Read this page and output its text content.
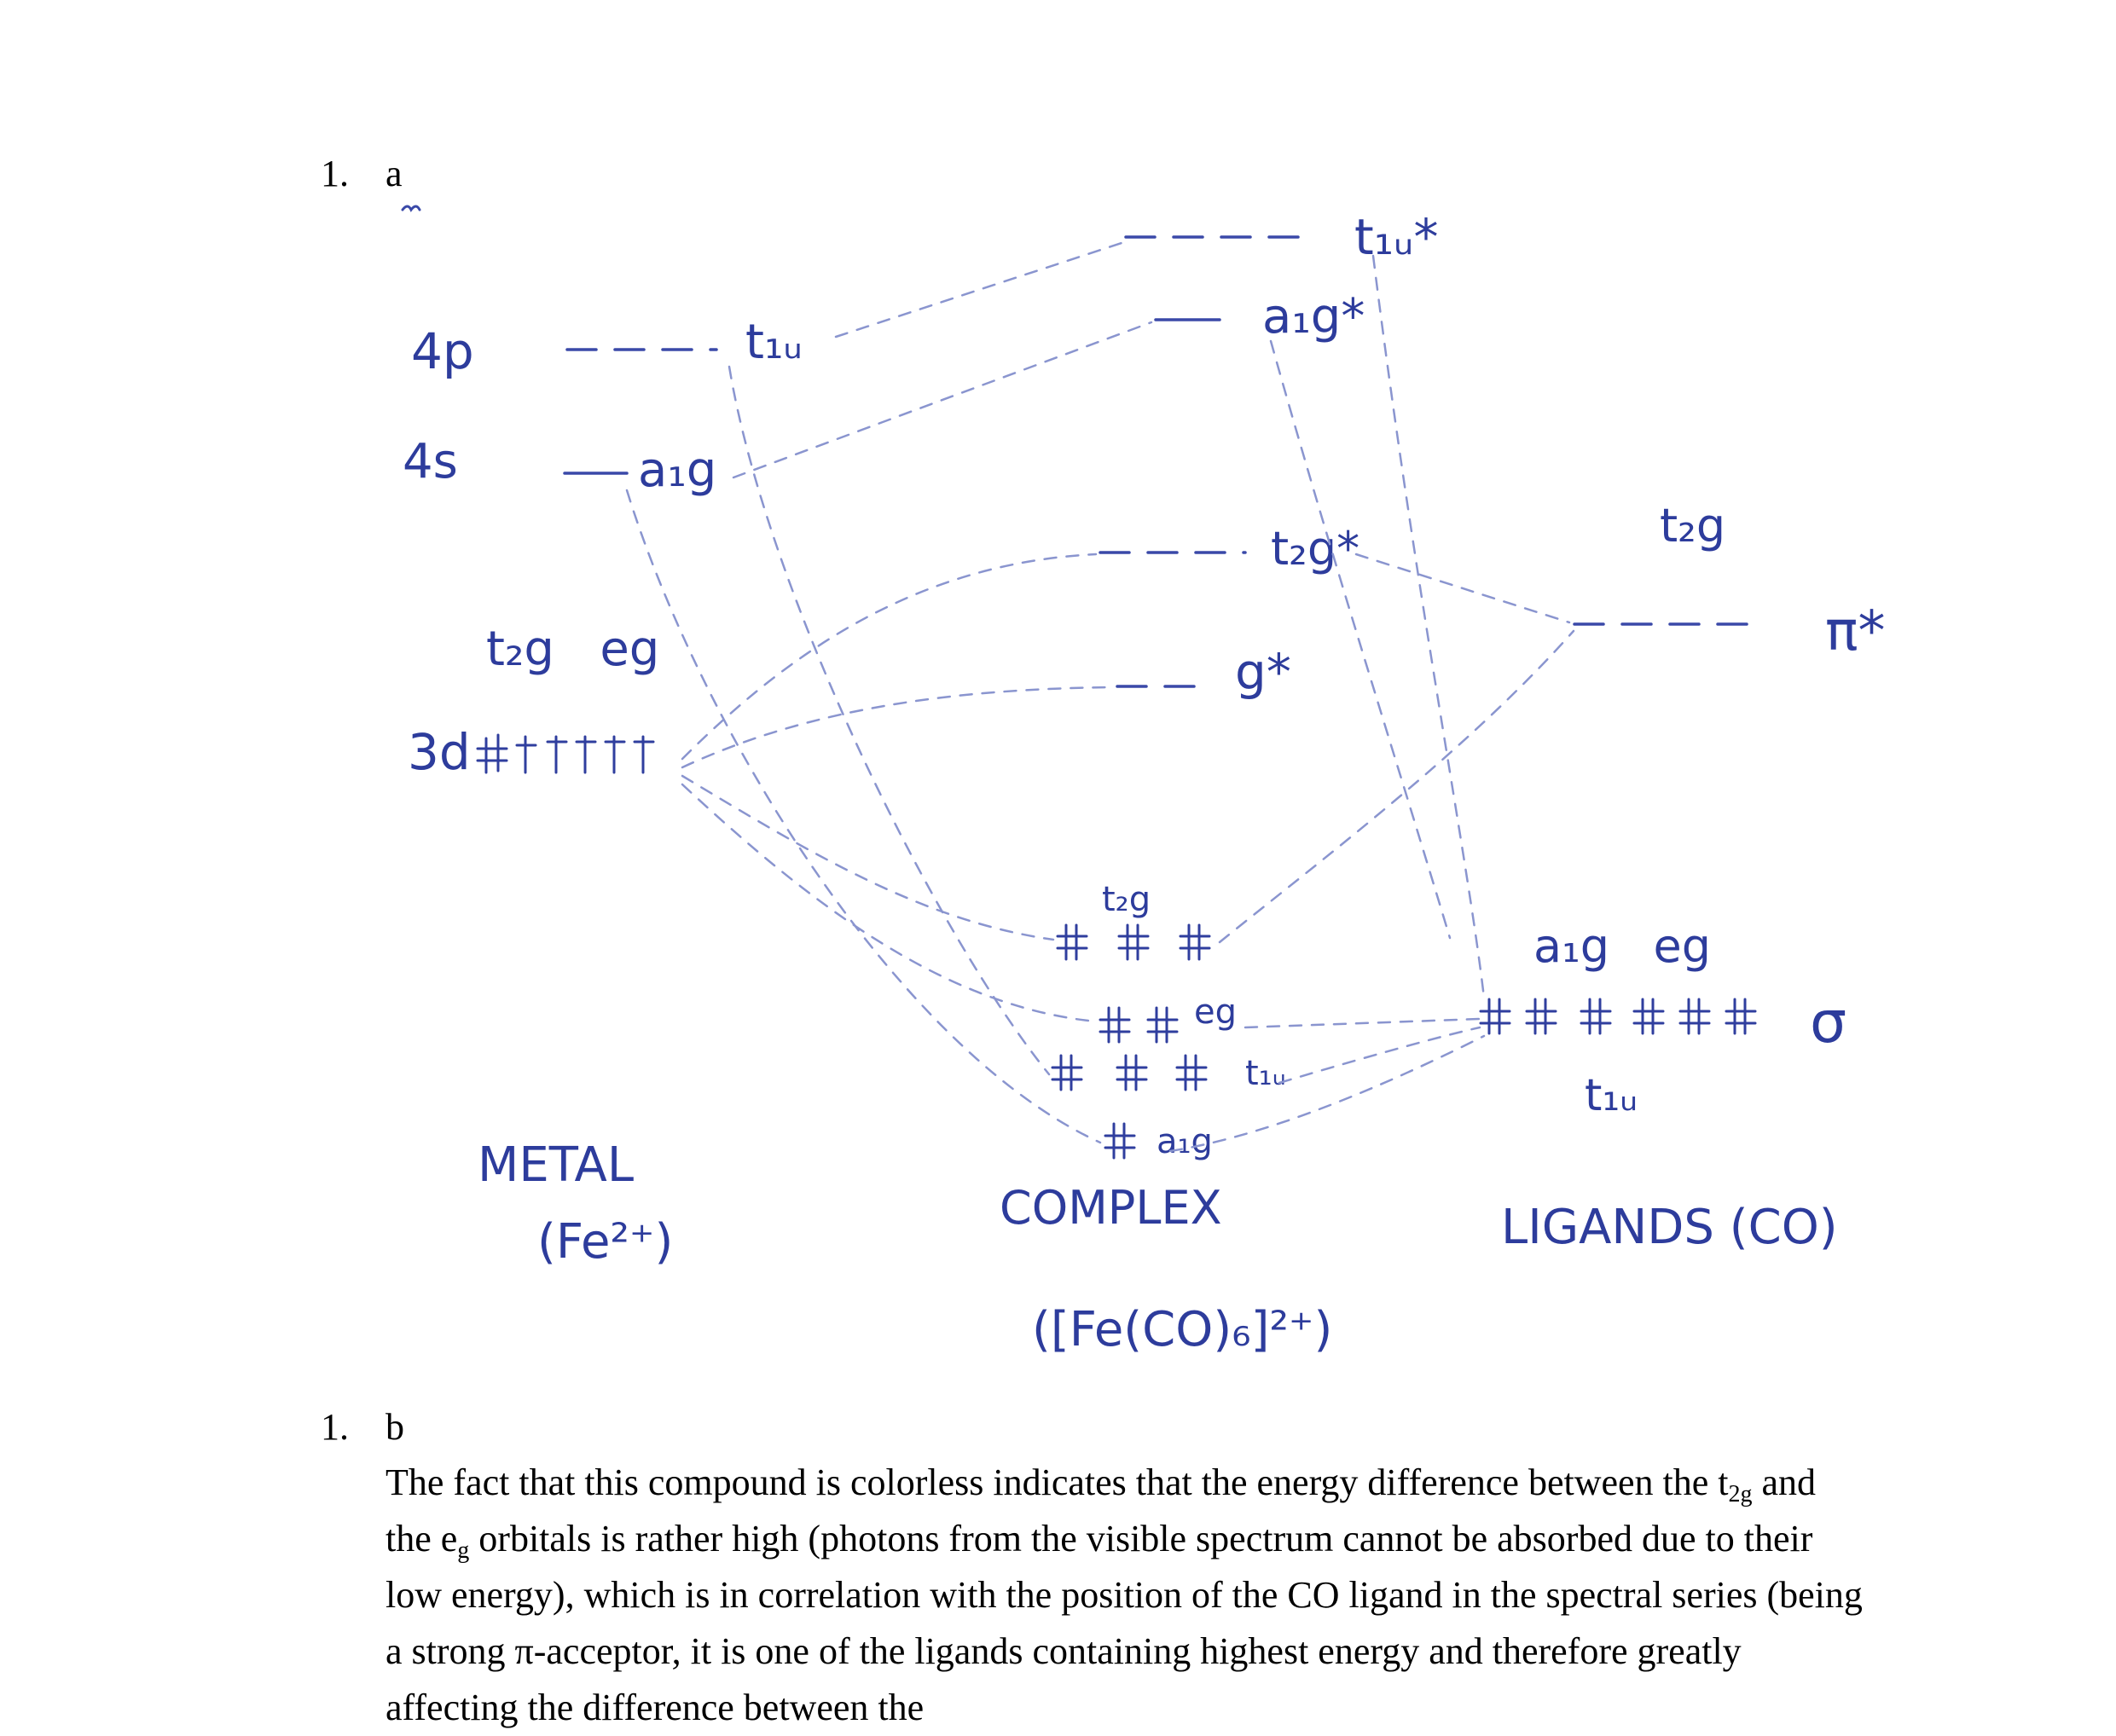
1. a
4p	t₁ᵤ
4s	a₁g
t₂g   eg
3d
METAL
(Fe²⁺)
t₁ᵤ*
a₁g*
t₂g*
g*
t₂g
eg
t₁ᵤ
a₁g
COMPLEX
([Fe(CO)₆]²⁺)
t₂g
π*
a₁g   eg
σ
t₁ᵤ
LIGANDS (CO)
1. b

The fact that this compound is colorless indicates that the energy difference between the $t_{2g}$ and the $e_g$ orbitals is rather high (photons from the visible spectrum cannot be absorbed due to their low energy), which is in correlation with the position of the CO ligand in the spectral series (being a strong π-acceptor, it is one of the ligands containing highest energy and therefore greatly affecting the difference between the
